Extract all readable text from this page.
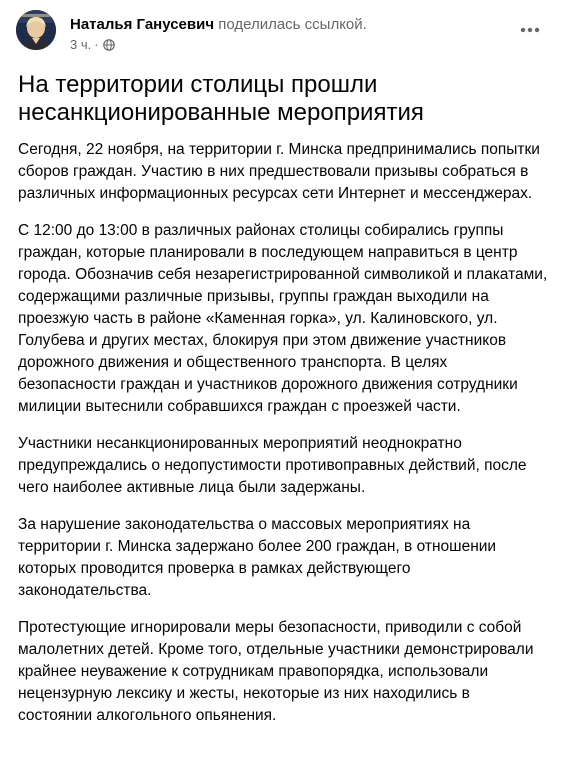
Наталья Ганусевич поделилась ссылкой.
3 ч. ·
На территории столицы прошли несанкционированные мероприятия

Сегодня, 22 ноября, на территории г. Минска предпринимались попытки сборов граждан. Участию в них предшествовали призывы собраться в различных информационных ресурсах сети Интернет и мессенджерах.

С 12:00 до 13:00 в различных районах столицы собирались группы граждан, которые планировали в последующем направиться в центр города. Обозначив себя незарегистрированной символикой и плакатами, содержащими различные призывы, группы граждан выходили на проезжую часть в районе «Каменная горка», ул. Калиновского, ул. Голубева и других местах, блокируя при этом движение участников дорожного движения и общественного транспорта. В целях безопасности граждан и участников дорожного движения сотрудники милиции вытеснили собравшихся граждан с проезжей части.

Участники несанкционированных мероприятий неоднократно предупреждались о недопустимости противоправных действий, после чего наиболее активные лица были задержаны.

За нарушение законодательства о массовых мероприятиях на территории г. Минска задержано более 200 граждан, в отношении которых проводится проверка в рамках действующего законодательства.

Протестующие игнорировали меры безопасности, приводили с собой малолетних детей. Кроме того, отдельные участники демонстрировали крайнее неуважение к сотрудникам правопорядка, использовали нецензурную лексику и жесты, некоторые из них находились в состоянии алкогольного опьянения.
